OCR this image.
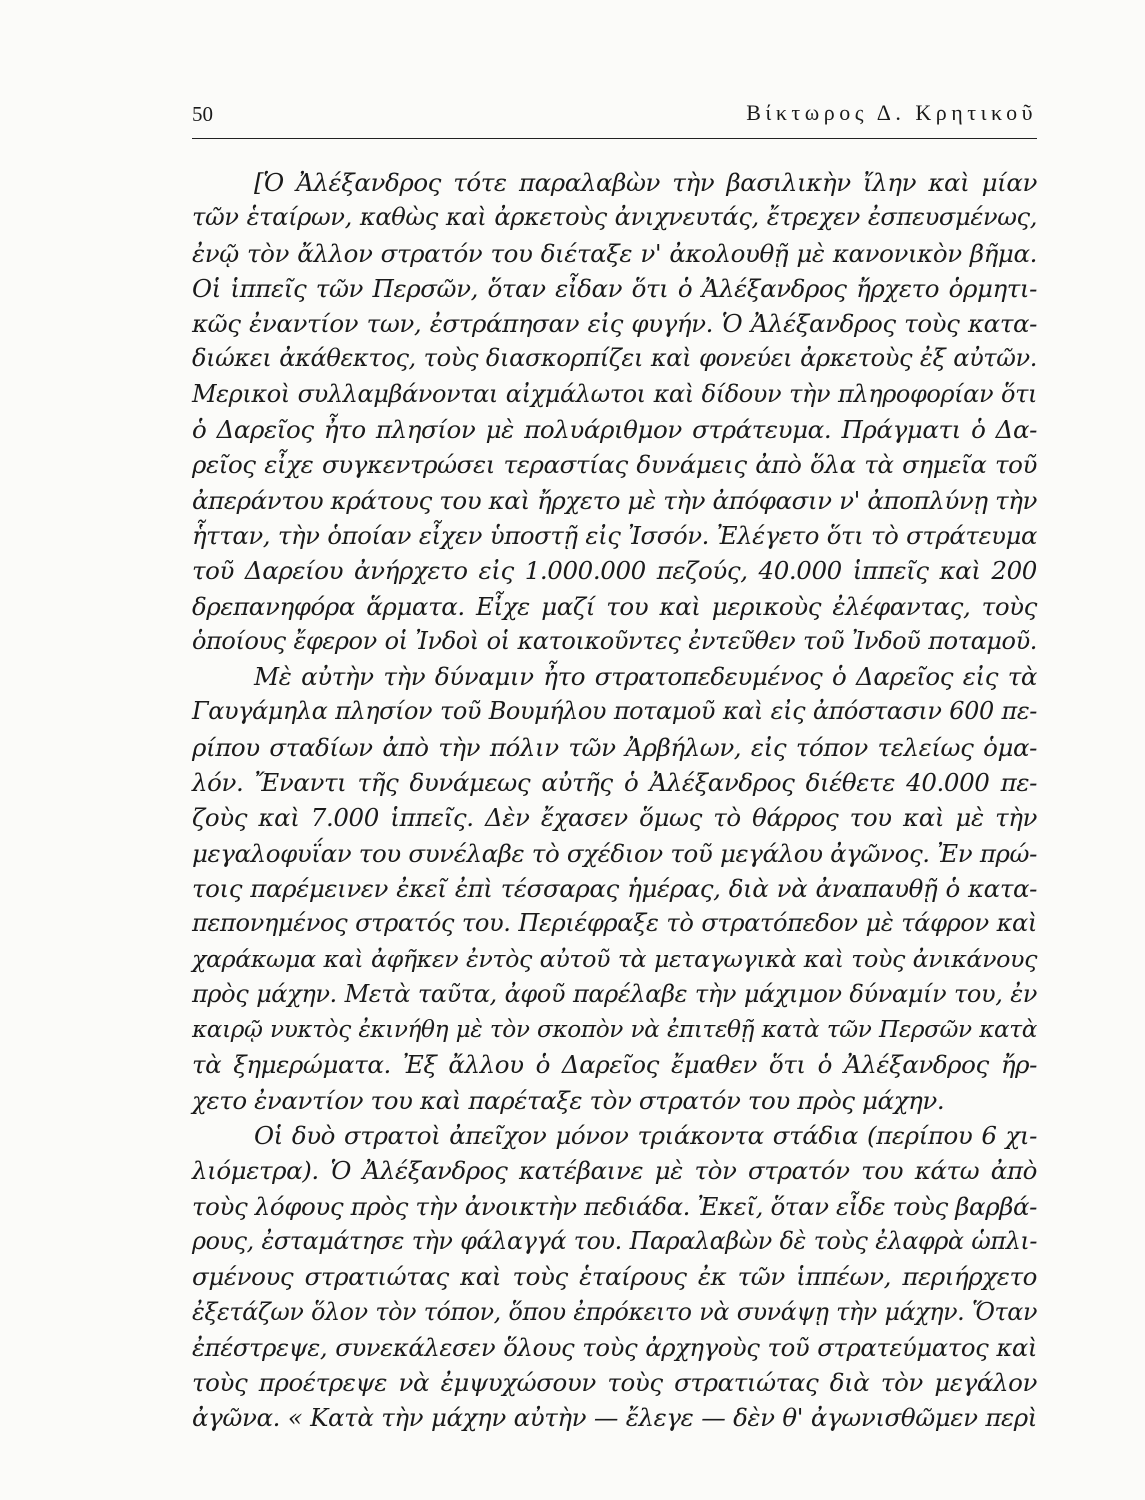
50	Βίκτωρος Δ. Κρητικοῦ
[Ὁ Ἀλέξανδρος τότε παραλαβὼν τὴν βασιλικὴν ἴλην καὶ μίαν
τῶν ἑταίρων, καθὼς καὶ ἀρκετοὺς ἀνιχνευτάς, ἔτρεχεν ἐσπευσμένως,
ἐνῷ τὸν ἄλλον στρατόν του διέταξε ν' ἀκολουθῇ μὲ κανονικὸν βῆμα.
Οἱ ἱππεῖς τῶν Περσῶν, ὅταν εἶδαν ὅτι ὁ Ἀλέξανδρος ἤρχετο ὁρμητι-
κῶς ἐναντίον των, ἐστράπησαν εἰς φυγήν. Ὁ Ἀλέξανδρος τοὺς κατα-
διώκει ἀκάθεκτος, τοὺς διασκορπίζει καὶ φονεύει ἀρκετοὺς ἐξ αὐτῶν.
Μερικοὶ συλλαμβάνονται αἰχμάλωτοι καὶ δίδουν τὴν πληροφορίαν ὅτι
ὁ Δαρεῖος ἦτο πλησίον μὲ πολυάριθμον στράτευμα. Πράγματι ὁ Δα-
ρεῖος εἶχε συγκεντρώσει τεραστίας δυνάμεις ἀπὸ ὅλα τὰ σημεῖα τοῦ
ἀπεράντου κράτους του καὶ ἤρχετο μὲ τὴν ἀπόφασιν ν' ἀποπλύνῃ τὴν
ἧτταν, τὴν ὁποίαν εἶχεν ὑποστῇ εἰς Ἰσσόν. Ἐλέγετο ὅτι τὸ στράτευμα
τοῦ Δαρείου ἀνήρχετο εἰς 1.000.000 πεζούς, 40.000 ἱππεῖς καὶ 200
δρεπανηφόρα ἅρματα. Εἶχε μαζί του καὶ μερικοὺς ἐλέφαντας, τοὺς
ὁποίους ἔφερον οἱ Ἰνδοὶ οἱ κατοικοῦντες ἐντεῦθεν τοῦ Ἰνδοῦ ποταμοῦ.
Μὲ αὐτὴν τὴν δύναμιν ἦτο στρατοπεδευμένος ὁ Δαρεῖος εἰς τὰ
Γαυγάμηλα πλησίον τοῦ Βουμήλου ποταμοῦ καὶ εἰς ἀπόστασιν 600 πε-
ρίπου σταδίων ἀπὸ τὴν πόλιν τῶν Ἀρβήλων, εἰς τόπον τελείως ὁμα-
λόν. Ἔναντι τῆς δυνάμεως αὐτῆς ὁ Ἀλέξανδρος διέθετε 40.000 πε-
ζοὺς καὶ 7.000 ἱππεῖς. Δὲν ἔχασεν ὅμως τὸ θάρρος του καὶ μὲ τὴν
μεγαλοφυΐαν του συνέλαβε τὸ σχέδιον τοῦ μεγάλου ἀγῶνος. Ἐν πρώ-
τοις παρέμεινεν ἐκεῖ ἐπὶ τέσσαρας ἡμέρας, διὰ νὰ ἀναπαυθῇ ὁ κατα-
πεπονημένος στρατός του. Περιέφραξε τὸ στρατόπεδον μὲ τάφρον καὶ
χαράκωμα καὶ ἀφῆκεν ἐντὸς αὐτοῦ τὰ μεταγωγικὰ καὶ τοὺς ἀνικάνους
πρὸς μάχην. Μετὰ ταῦτα, ἀφοῦ παρέλαβε τὴν μάχιμον δύναμίν του, ἐν
καιρῷ νυκτὸς ἐκινήθη μὲ τὸν σκοπὸν νὰ ἐπιτεθῇ κατὰ τῶν Περσῶν κατὰ
τὰ ξημερώματα. Ἐξ ἄλλου ὁ Δαρεῖος ἔμαθεν ὅτι ὁ Ἀλέξανδρος ἤρ-
χετο ἐναντίον του καὶ παρέταξε τὸν στρατόν του πρὸς μάχην.
Οἱ δυὸ στρατοὶ ἀπεῖχον μόνον τριάκοντα στάδια (περίπου 6 χι-
λιόμετρα). Ὁ Ἀλέξανδρος κατέβαινε μὲ τὸν στρατόν του κάτω ἀπὸ
τοὺς λόφους πρὸς τὴν ἀνοικτὴν πεδιάδα. Ἐκεῖ, ὅταν εἶδε τοὺς βαρβά-
ρους, ἐσταμάτησε τὴν φάλαγγά του. Παραλαβὼν δὲ τοὺς ἐλαφρὰ ὡπλι-
σμένους στρατιώτας καὶ τοὺς ἑταίρους ἐκ τῶν ἱππέων, περιήρχετο
ἐξετάζων ὅλον τὸν τόπον, ὅπου ἐπρόκειτο νὰ συνάψῃ τὴν μάχην. Ὅταν
ἐπέστρεψε, συνεκάλεσεν ὅλους τοὺς ἀρχηγοὺς τοῦ στρατεύματος καὶ
τοὺς προέτρεψε νὰ ἐμψυχώσουν τοὺς στρατιώτας διὰ τὸν μεγάλον
ἀγῶνα. « Κατὰ τὴν μάχην αὐτὴν — ἔλεγε — δὲν θ' ἀγωνισθῶμεν περὶ
